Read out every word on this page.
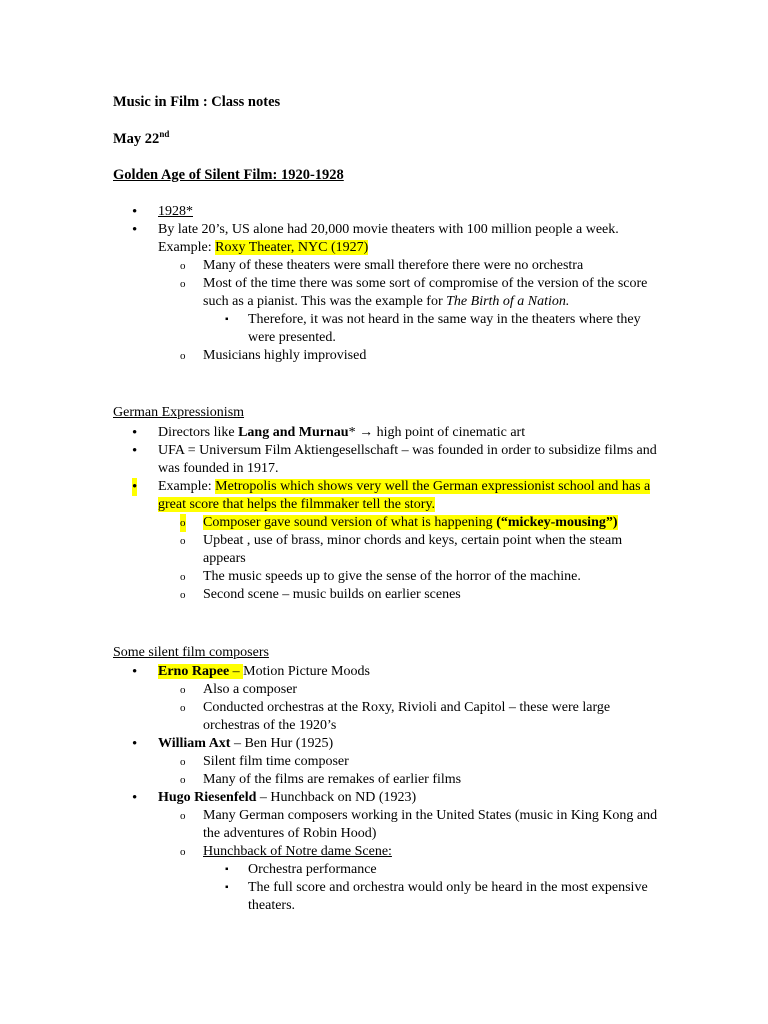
Music in Film : Class notes

May 22nd

Golden Age of Silent Film: 1920-1928

• 1928*
• By late 20’s, US alone had 20,000 movie theaters with 100 million people a week. Example: Roxy Theater, NYC (1927)
o Many of these theaters were small therefore there were no orchestra
o Most of the time there was some sort of compromise of the version of the score such as a pianist. This was the example for The Birth of a Nation.
▪ Therefore, it was not heard in the same way in the theaters where they were presented.
o Musicians highly improvised

German Expressionism

• Directors like Lang and Murnau* → high point of cinematic art
• UFA = Universum Film Aktiengesellschaft – was founded in order to subsidize films and was founded in 1917.
• Example: Metropolis which shows very well the German expressionist school and has a great score that helps the filmmaker tell the story.
o Composer gave sound version of what is happening (“mickey-mousing”)
o Upbeat , use of brass, minor chords and keys, certain point when the steam appears
o The music speeds up to give the sense of the horror of the machine.
o Second scene – music builds on earlier scenes

Some silent film composers

• Erno Rapee – Motion Picture Moods
o Also a composer
o Conducted orchestras at the Roxy, Rivioli and Capitol – these were large orchestras of the 1920’s
• William Axt – Ben Hur (1925)
o Silent film time composer
o Many of the films are remakes of earlier films
• Hugo Riesenfeld – Hunchback on ND (1923)
o Many German composers working in the United States (music in King Kong and the adventures of Robin Hood)
o Hunchback of Notre dame Scene:
▪ Orchestra performance
▪ The full score and orchestra would only be heard in the most expensive theaters.
